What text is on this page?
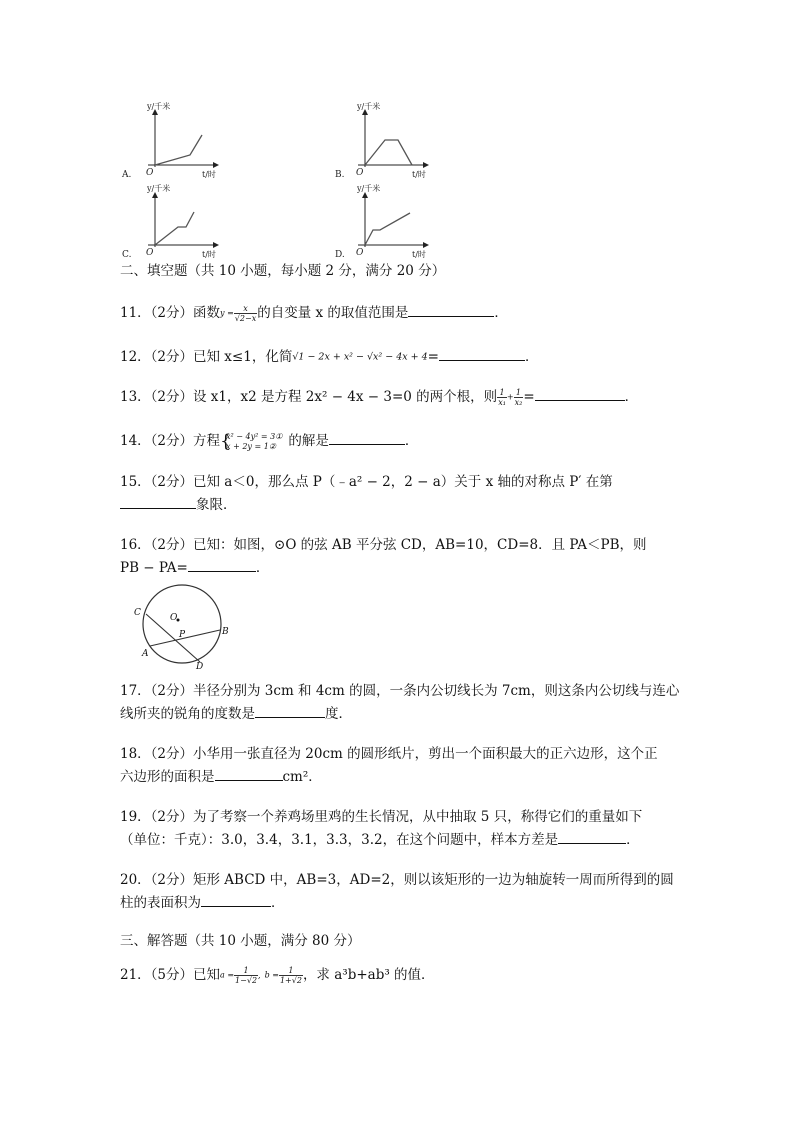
y/千米
t/时
O
A.
y/千米
t/时
O
B.
y/千米
t/时
O
C.
y/千米
t/时
O
D.
二、填空题（共 10 小题，每小题 2 分，满分 20 分）
11．（2分）函数$y = \frac{x}{√2-x}$ 的自变量 x 的取值范围是	．
12．（2分）已知 x≤1，化简√1 − 2x + x² − √x² − 4x + 4=	．
13．（2分）设 x1，x2 是方程 2x² − 4x − 3=0 的两个根，则 $\frac{1}{\text{x₁}} + \frac{1}{\text{x₂}}$ =	．
14．（2分）方程 {
x² − 4y² = 3①
x + 2y = 1② 的解是	．
15．（2分）已知 a＜0，那么点 P（﹣a² − 2，2 − a）关于 x 轴的对称点 P′ 在第
象限．
16．（2分）已知：如图，⊙O 的弦 AB 平分弦 CD，AB=10，CD=8．且 PA＜PB，则
PB − PA=	．
C	O
P	B
A
D
17．（2分）半径分别为 3cm 和 4cm 的圆，一条内公切线长为 7cm，则这条内公切线与连心
线所夹的锐角的度数是	度．
18．（2分）小华用一张直径为 20cm 的圆形纸片，剪出一个面积最大的正六边形，这个正
六边形的面积是	cm²．
19．（2分）为了考察一个养鸡场里鸡的生长情况，从中抽取 5 只，称得它们的重量如下
（单位：千克）：3.0，3.4，3.1，3.3，3.2，在这个问题中，样本方差是	．
20．（2分）矩形 ABCD 中，AB=3，AD=2，则以该矩形的一边为轴旋转一周而所得到的圆
柱的表面积为	．
三、解答题（共 10 小题，满分 80 分）
21．（5分）已知$a = \frac{1}{1-√2}$ , $b = \frac{1}{1+√2}$ ，求 a³b+ab³ 的值．
